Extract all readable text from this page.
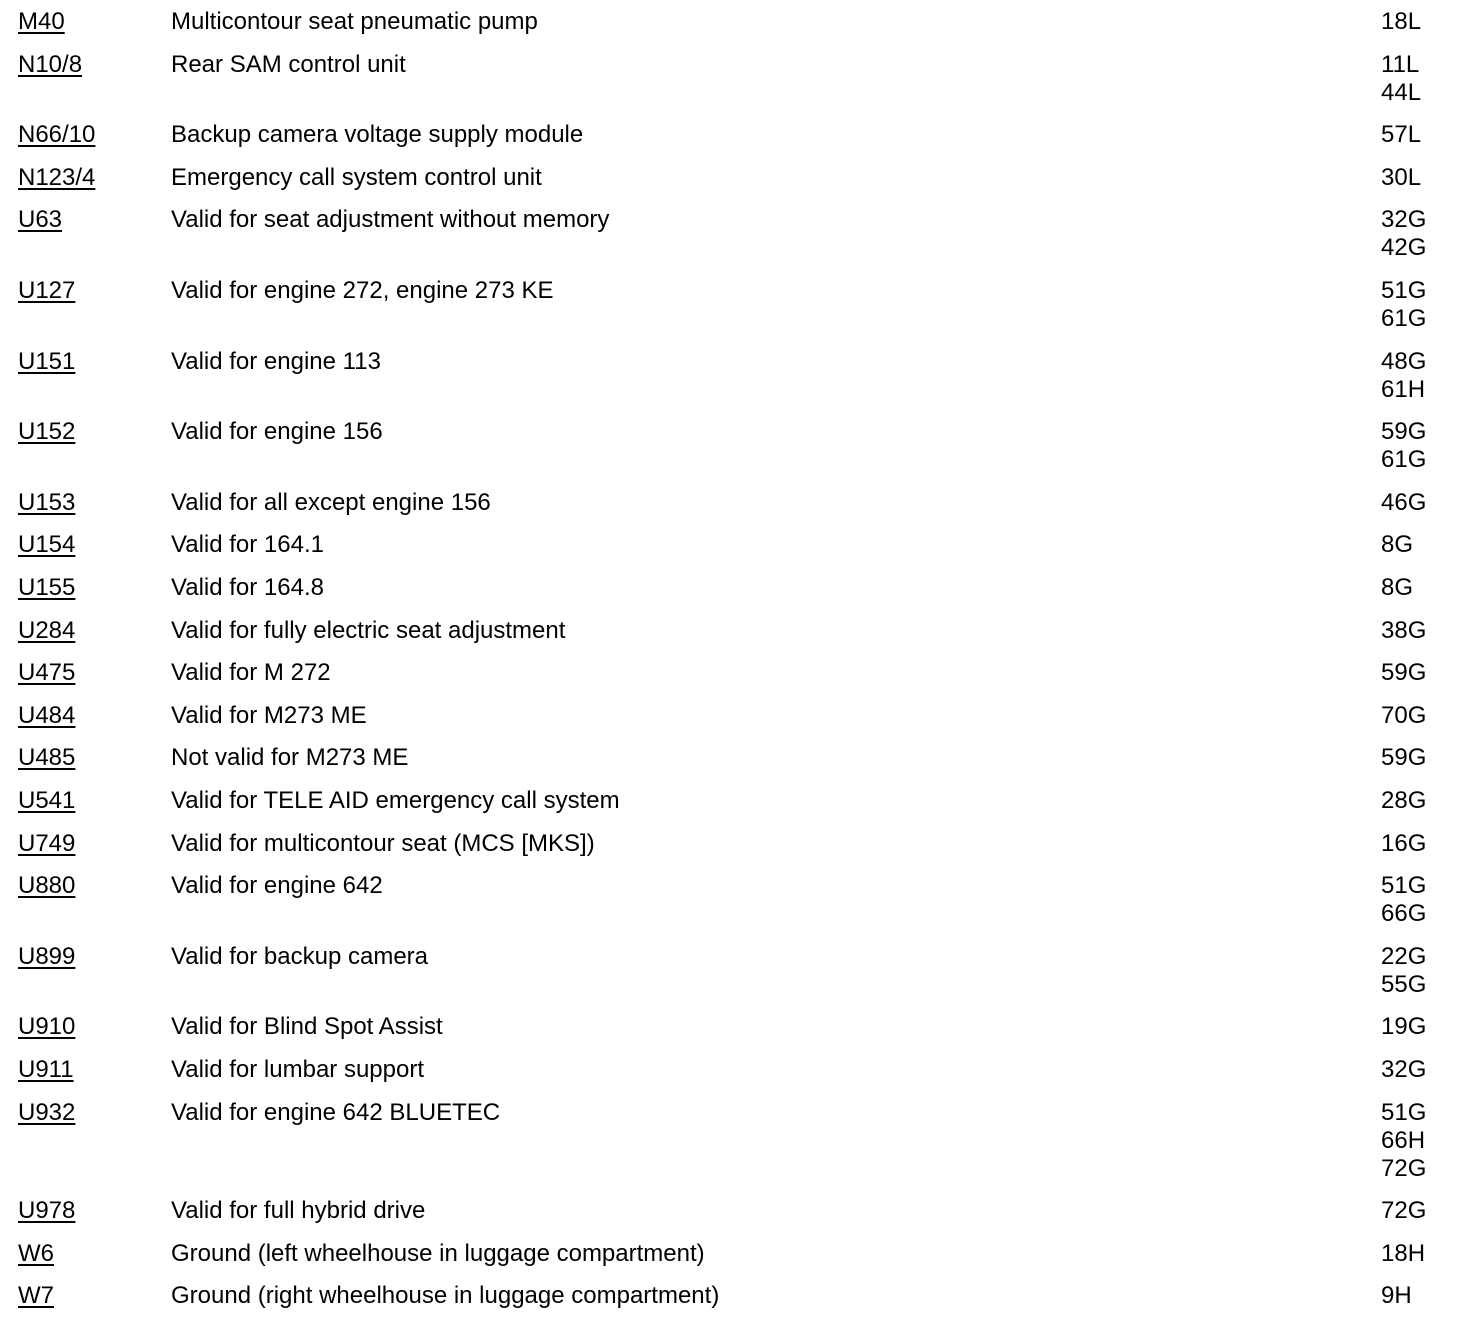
M40	Multicontour seat pneumatic pump	18L
N10/8	Rear SAM control unit	11L
44L
N66/10	Backup camera voltage supply module	57L
N123/4	Emergency call system control unit	30L
U63	Valid for seat adjustment without memory	32G
42G
U127	Valid for engine 272, engine 273 KE	51G
61G
U151	Valid for engine 113	48G
61H
U152	Valid for engine 156	59G
61G
U153	Valid for all except engine 156	46G
U154	Valid for 164.1	8G
U155	Valid for 164.8	8G
U284	Valid for fully electric seat adjustment	38G
U475	Valid for M 272	59G
U484	Valid for M273 ME	70G
U485	Not valid for M273 ME	59G
U541	Valid for TELE AID emergency call system	28G
U749	Valid for multicontour seat (MCS [MKS])	16G
U880	Valid for engine 642	51G
66G
U899	Valid for backup camera	22G
55G
U910	Valid for Blind Spot Assist	19G
U911	Valid for lumbar support	32G
U932	Valid for engine 642 BLUETEC	51G
66H
72G
U978	Valid for full hybrid drive	72G
W6	Ground (left wheelhouse in luggage compartment)	18H
W7	Ground (right wheelhouse in luggage compartment)	9H
